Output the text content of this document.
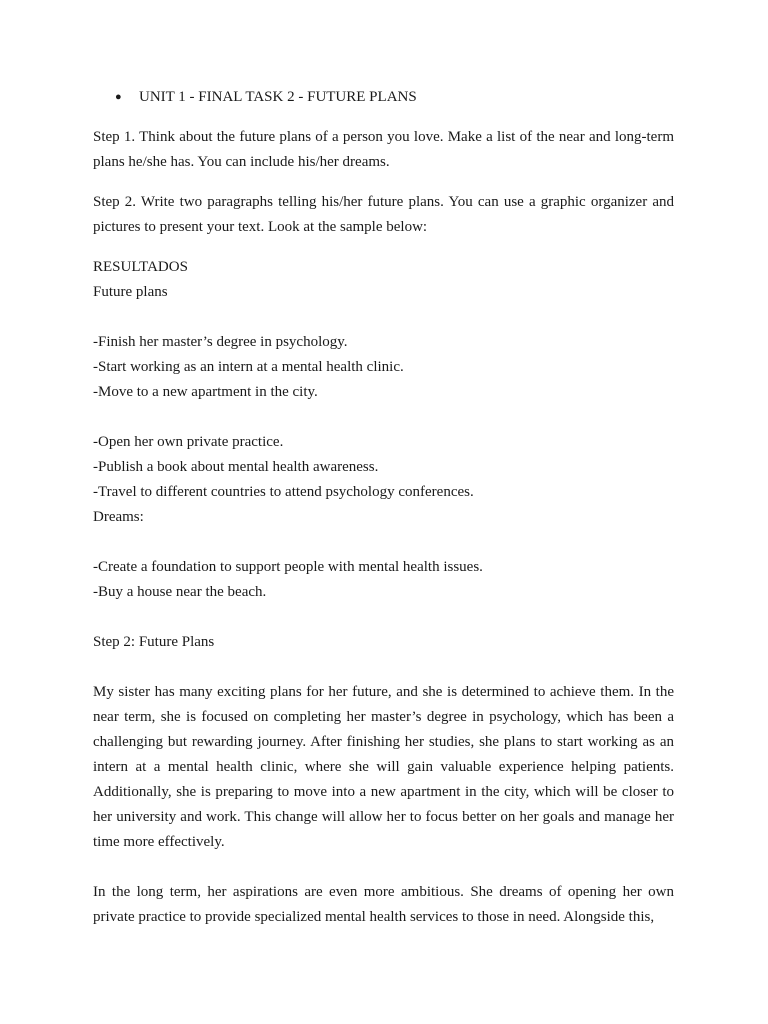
● UNIT 1 - FINAL TASK 2 - FUTURE PLANS

Step 1. Think about the future plans of a person you love. Make a list of the near and long-term plans he/she has. You can include his/her dreams.

Step 2. Write two paragraphs telling his/her future plans. You can use a graphic organizer and pictures to present your text. Look at the sample below:

RESULTADOS
Future plans
-Finish her master’s degree in psychology.
-Start working as an intern at a mental health clinic.
-Move to a new apartment in the city.
-Open her own private practice.
-Publish a book about mental health awareness.
-Travel to different countries to attend psychology conferences.
Dreams:
-Create a foundation to support people with mental health issues.
-Buy a house near the beach.
Step 2: Future Plans

My sister has many exciting plans for her future, and she is determined to achieve them. In the near term, she is focused on completing her master’s degree in psychology, which has been a challenging but rewarding journey. After finishing her studies, she plans to start working as an intern at a mental health clinic, where she will gain valuable experience helping patients. Additionally, she is preparing to move into a new apartment in the city, which will be closer to her university and work. This change will allow her to focus better on her goals and manage her time more effectively.

In the long term, her aspirations are even more ambitious. She dreams of opening her own private practice to provide specialized mental health services to those in need. Alongside this,
